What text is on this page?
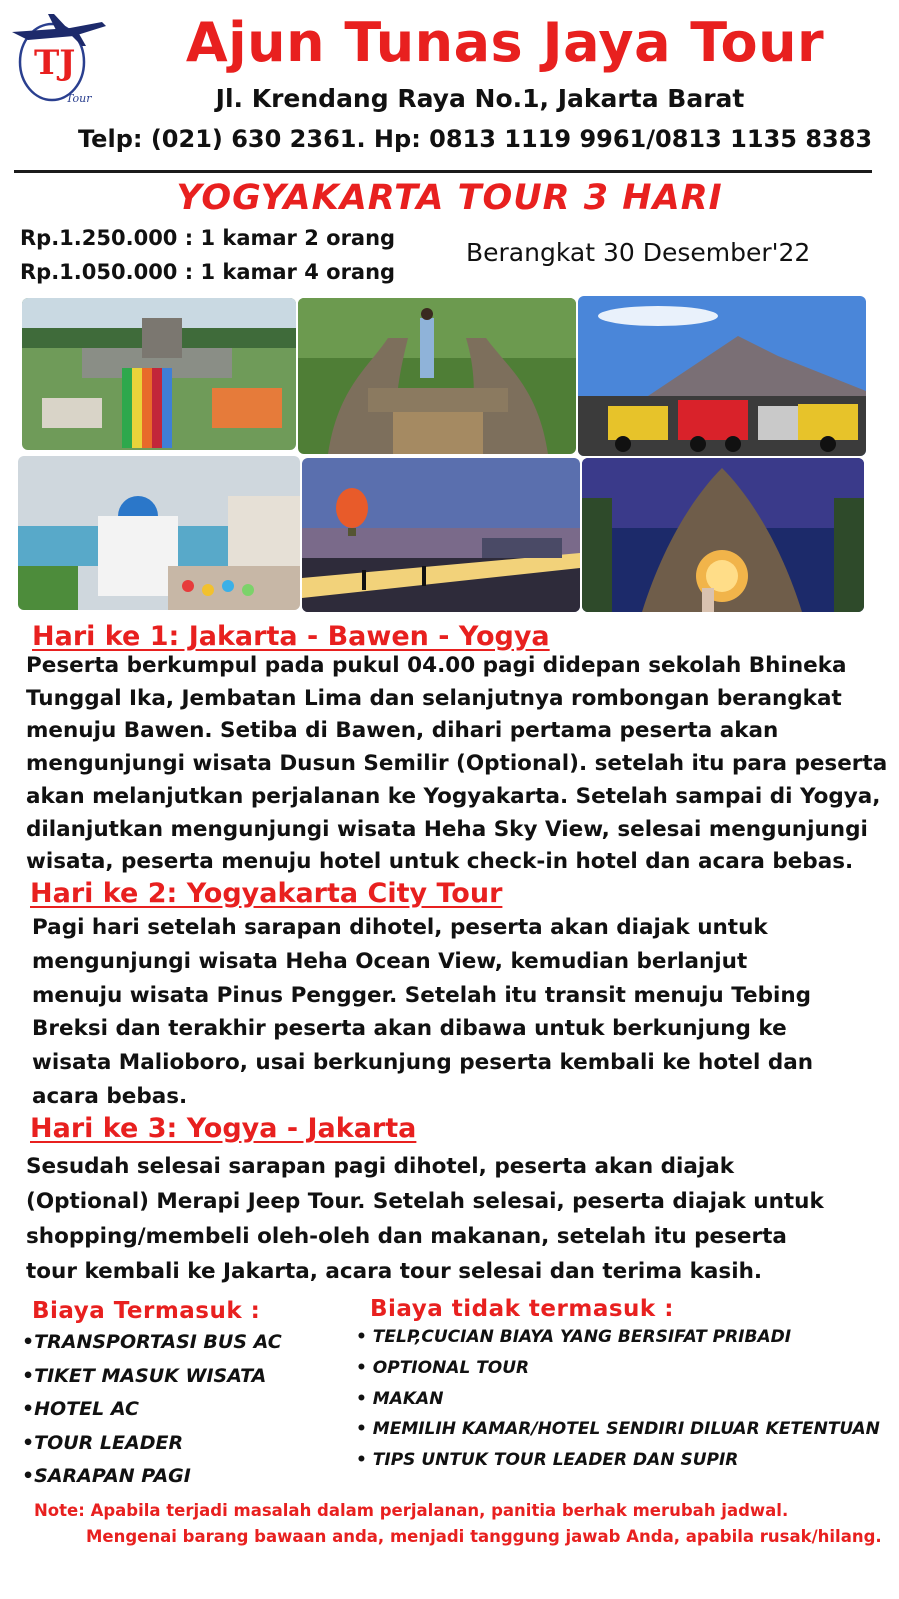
TJ
Tour
Ajun Tunas Jaya Tour
Jl. Krendang Raya No.1, Jakarta Barat
Telp: (021) 630 2361. Hp: 0813 1119 9961/0813 1135 8383
YOGYAKARTA TOUR 3 HARI
Rp.1.250.000 : 1 kamar 2 orang
Rp.1.050.000 : 1 kamar 4 orang
Berangkat 30 Desember'22
Hari ke 1: Jakarta - Bawen - Yogya

Peserta berkumpul pada pukul 04.00 pagi didepan sekolah Bhineka

Tunggal Ika, Jembatan Lima dan selanjutnya rombongan berangkat

menuju Bawen. Setiba di Bawen, dihari pertama peserta akan

mengunjungi wisata Dusun Semilir (Optional). setelah itu para peserta

akan melanjutkan perjalanan ke Yogyakarta. Setelah sampai di Yogya,

dilanjutkan mengunjungi wisata Heha Sky View, selesai mengunjungi

wisata, peserta menuju hotel untuk check-in hotel dan acara bebas.

Hari ke 2: Yogyakarta City Tour

Pagi hari setelah sarapan dihotel, peserta akan diajak untuk

mengunjungi wisata Heha Ocean View, kemudian berlanjut

menuju wisata Pinus Pengger. Setelah itu transit menuju Tebing

Breksi dan terakhir peserta akan dibawa untuk berkunjung ke

wisata Malioboro, usai berkunjung peserta kembali ke hotel dan

acara bebas.

Hari ke 3: Yogya - Jakarta

Sesudah selesai sarapan pagi dihotel, peserta akan diajak

(Optional) Merapi Jeep Tour. Setelah selesai, peserta diajak untuk

shopping/membeli oleh-oleh dan makanan, setelah itu peserta

tour kembali ke Jakarta, acara tour selesai dan terima kasih.

Biaya Termasuk :
•TRANSPORTASI BUS AC
•TIKET MASUK WISATA
•HOTEL AC
•TOUR LEADER
•SARAPAN PAGI
Biaya tidak termasuk :
• TELP,CUCIAN BIAYA YANG BERSIFAT PRIBADI
• OPTIONAL TOUR
• MAKAN
• MEMILIH KAMAR/HOTEL SENDIRI DILUAR KETENTUAN
• TIPS UNTUK TOUR LEADER DAN SUPIR
Note: Apabila terjadi masalah dalam perjalanan, panitia berhak merubah jadwal.
Mengenai barang bawaan anda, menjadi tanggung jawab Anda, apabila rusak/hilang.
